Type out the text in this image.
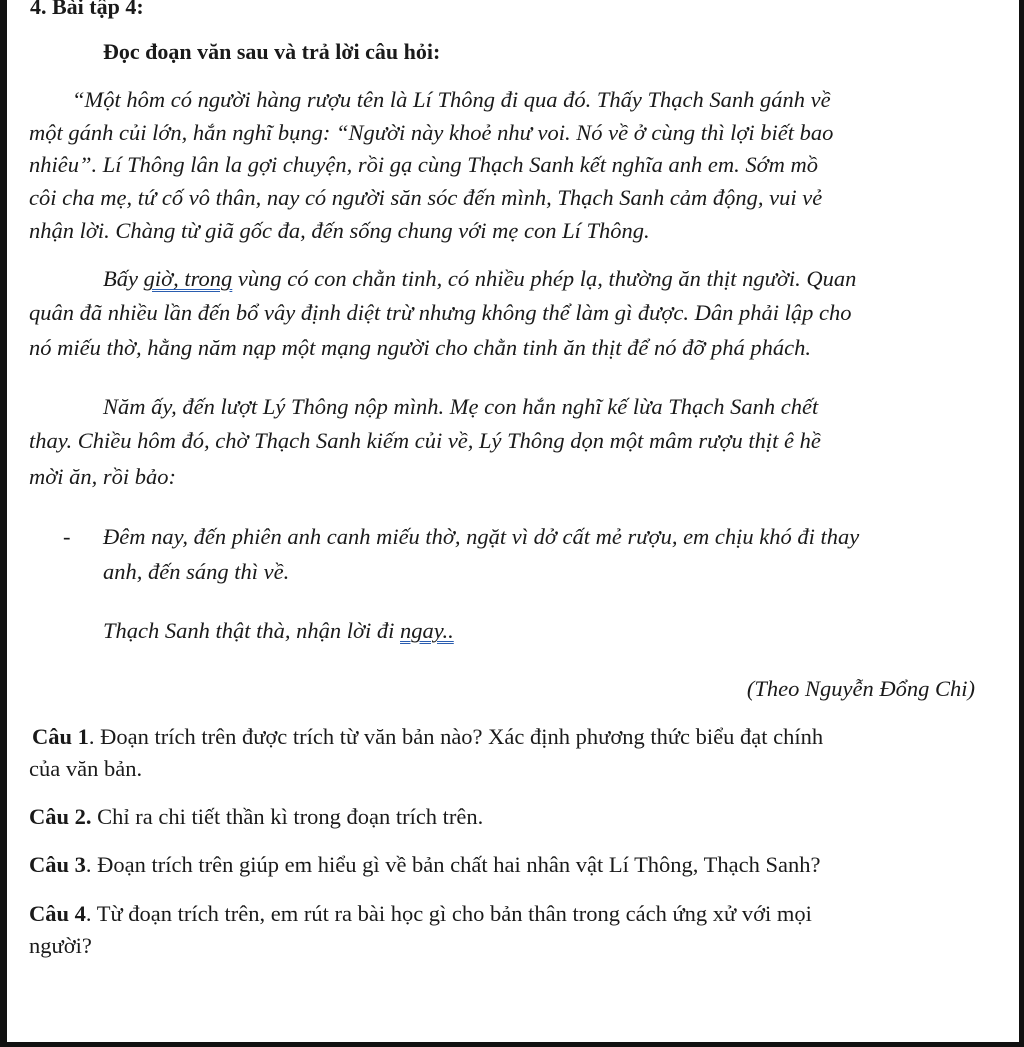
4. Bài tập 4:
Đọc đoạn văn sau và trả lời câu hỏi:
“Một hôm có người hàng rượu tên là Lí Thông đi qua đó. Thấy Thạch Sanh gánh về
một gánh củi lớn, hắn nghĩ bụng: “Người này khoẻ như voi. Nó về ở cùng thì lợi biết bao
nhiêu”. Lí Thông lân la gợi chuyện, rồi gạ cùng Thạch Sanh kết nghĩa anh em. Sớm mồ
côi cha mẹ, tứ cố vô thân, nay có người săn sóc đến mình, Thạch Sanh cảm động, vui vẻ
nhận lời. Chàng từ giã gốc đa, đến sống chung với mẹ con Lí Thông.
Bấy giờ, trong vùng có con chằn tinh, có nhiều phép lạ, thường ăn thịt người. Quan
quân đã nhiều lần đến bổ vây định diệt trừ nhưng không thể làm gì được. Dân phải lập cho
nó miếu thờ, hằng năm nạp một mạng người cho chằn tinh ăn thịt để nó đỡ phá phách.
Năm ấy, đến lượt Lý Thông nộp mình. Mẹ con hắn nghĩ kế lừa Thạch Sanh chết
thay. Chiều hôm đó, chờ Thạch Sanh kiếm củi về, Lý Thông dọn một mâm rượu thịt ê hề
mời ăn, rồi bảo:
- Đêm nay, đến phiên anh canh miếu thờ, ngặt vì dở cất mẻ rượu, em chịu khó đi thay
anh, đến sáng thì về.
Thạch Sanh thật thà, nhận lời đi ngay..
(Theo Nguyễn Đổng Chi)
Câu 1. Đoạn trích trên được trích từ văn bản nào? Xác định phương thức biểu đạt chính
của văn bản.
Câu 2. Chỉ ra chi tiết thần kì trong đoạn trích trên.
Câu 3. Đoạn trích trên giúp em hiểu gì về bản chất hai nhân vật Lí Thông, Thạch Sanh?
Câu 4. Từ đoạn trích trên, em rút ra bài học gì cho bản thân trong cách ứng xử với mọi
người?
